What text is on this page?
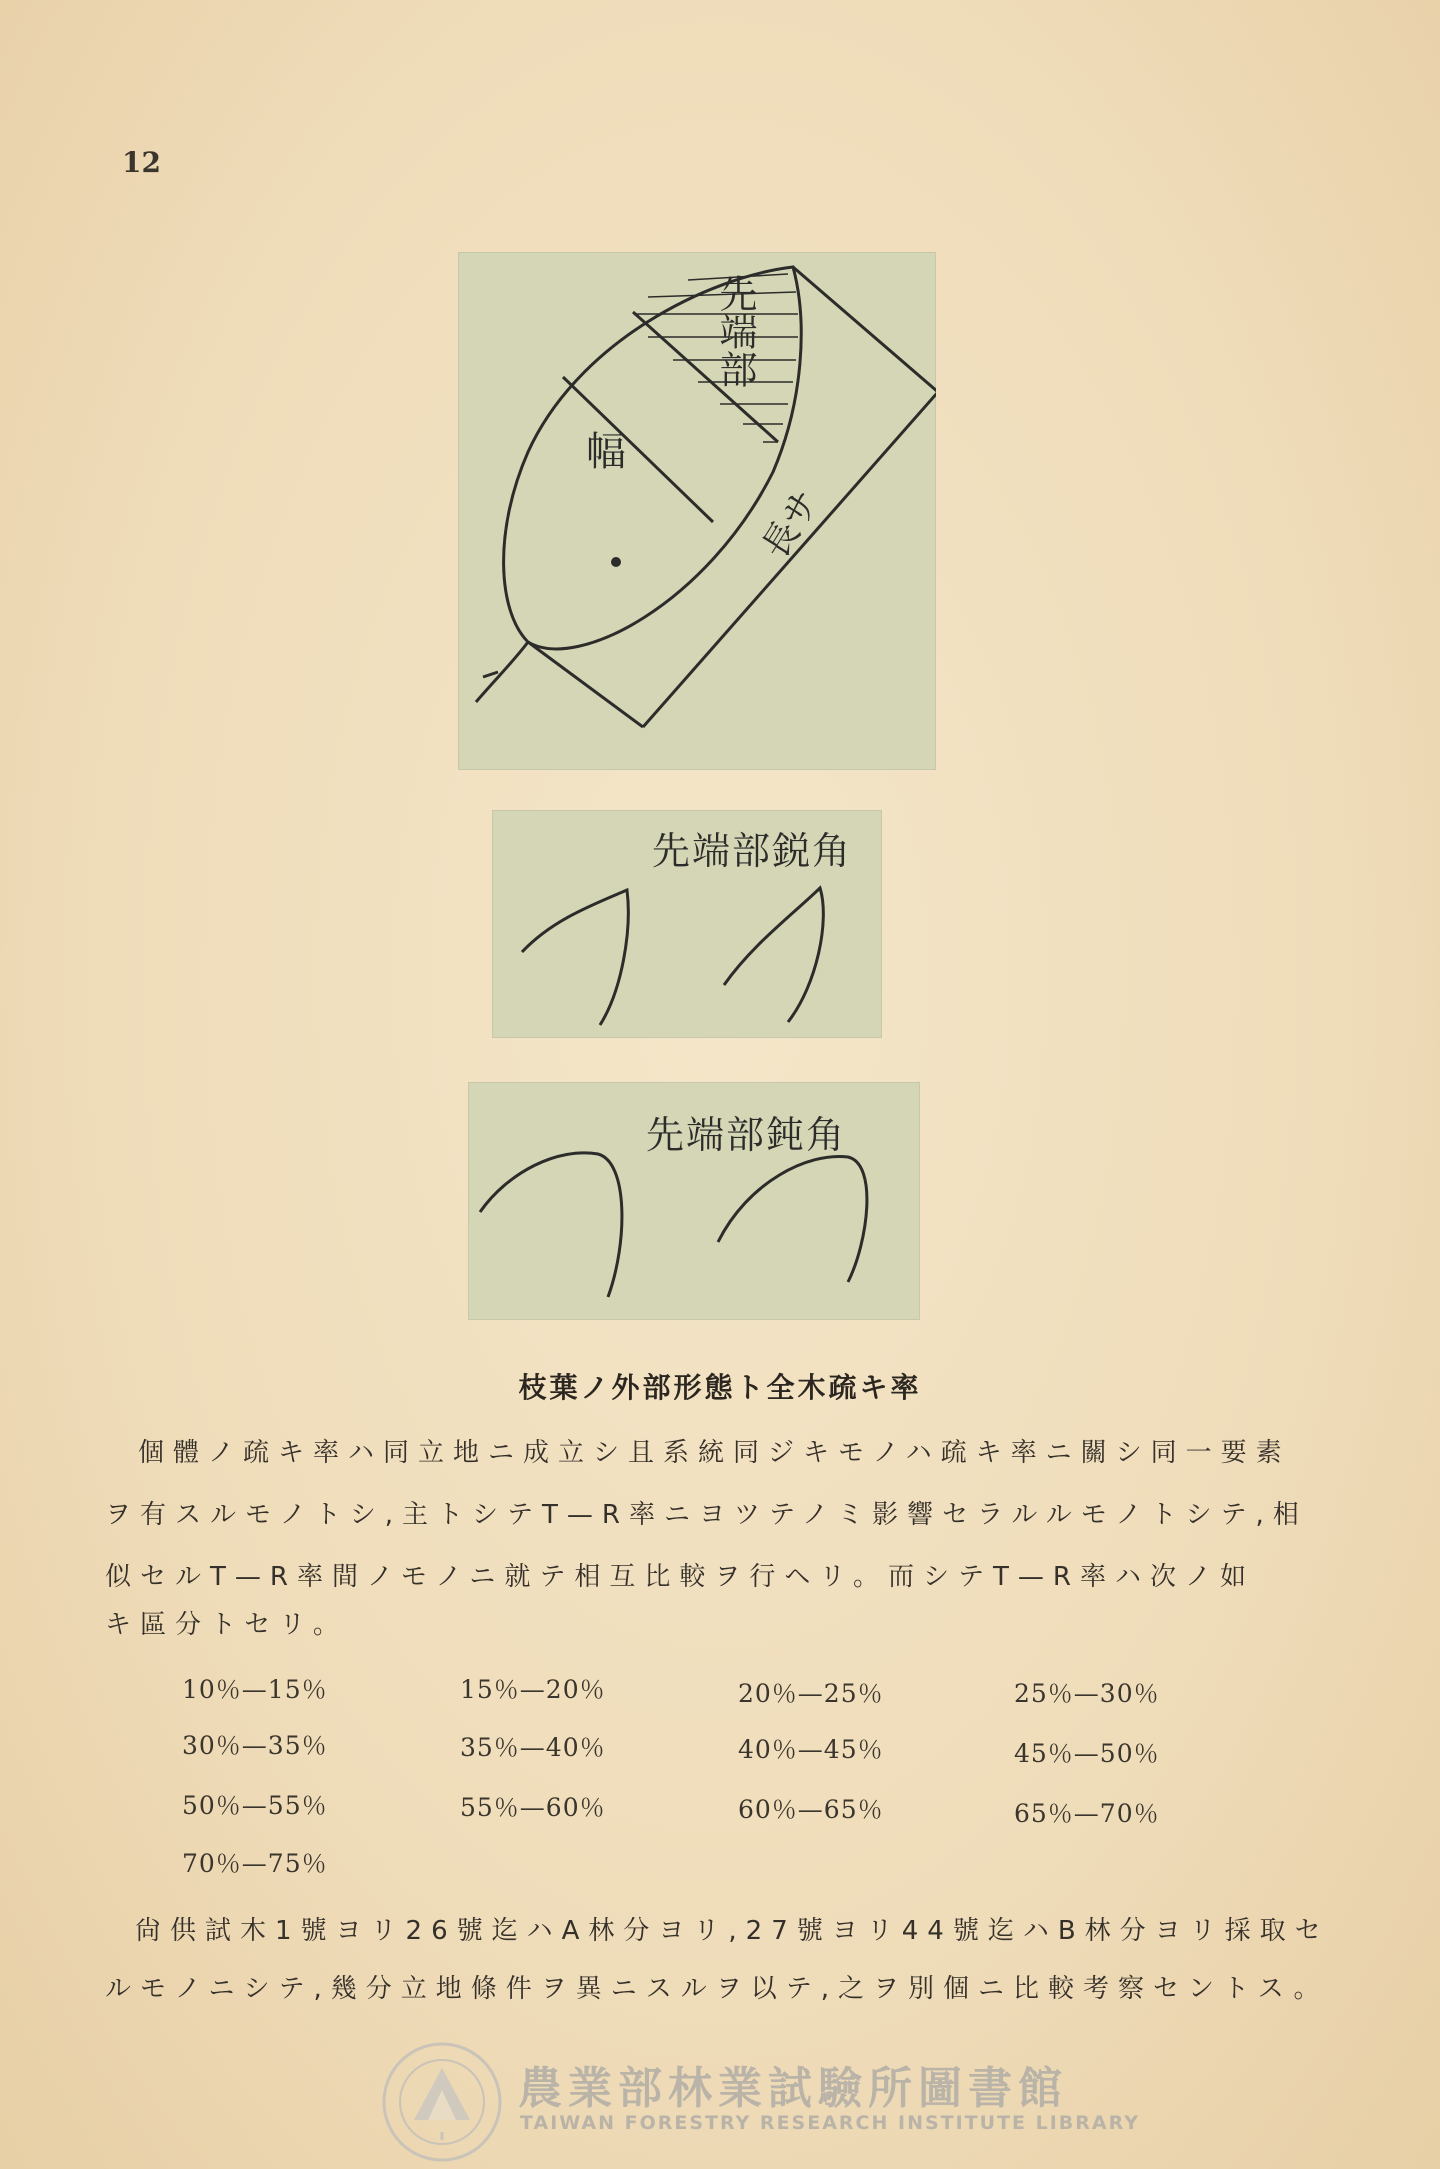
12
先端部
幅
長サ
先端部鋭角
先端部鈍角
枝葉ノ外部形態ト全木疏キ率
個體ノ疏キ率ハ同立地ニ成立シ且系統同ジキモノハ疏キ率ニ關シ同一要素
ヲ有スルモノトシ,主トシテT—R率ニヨツテノミ影響セラルルモノトシテ,相
似セルT—R率間ノモノニ就テ相互比較ヲ行ヘリ。而シテT—R率ハ次ノ如
キ區分トセリ。
10％—15％	15％—20％	20％—25％	25％—30％
30％—35％	35％—40％	40％—45％	45％—50％
50％—55％	55％—60％	60％—65％	65％—70％
70％—75％
尙供試木1號ヨリ26號迄ハA林分ヨリ,27號ヨリ44號迄ハB林分ヨリ採取セ
ルモノニシテ,幾分立地條件ヲ異ニスルヲ以テ,之ヲ別個ニ比較考察セントス。
農業部林業試驗所圖書館
TAIWAN FORESTRY RESEARCH INSTITUTE LIBRARY
